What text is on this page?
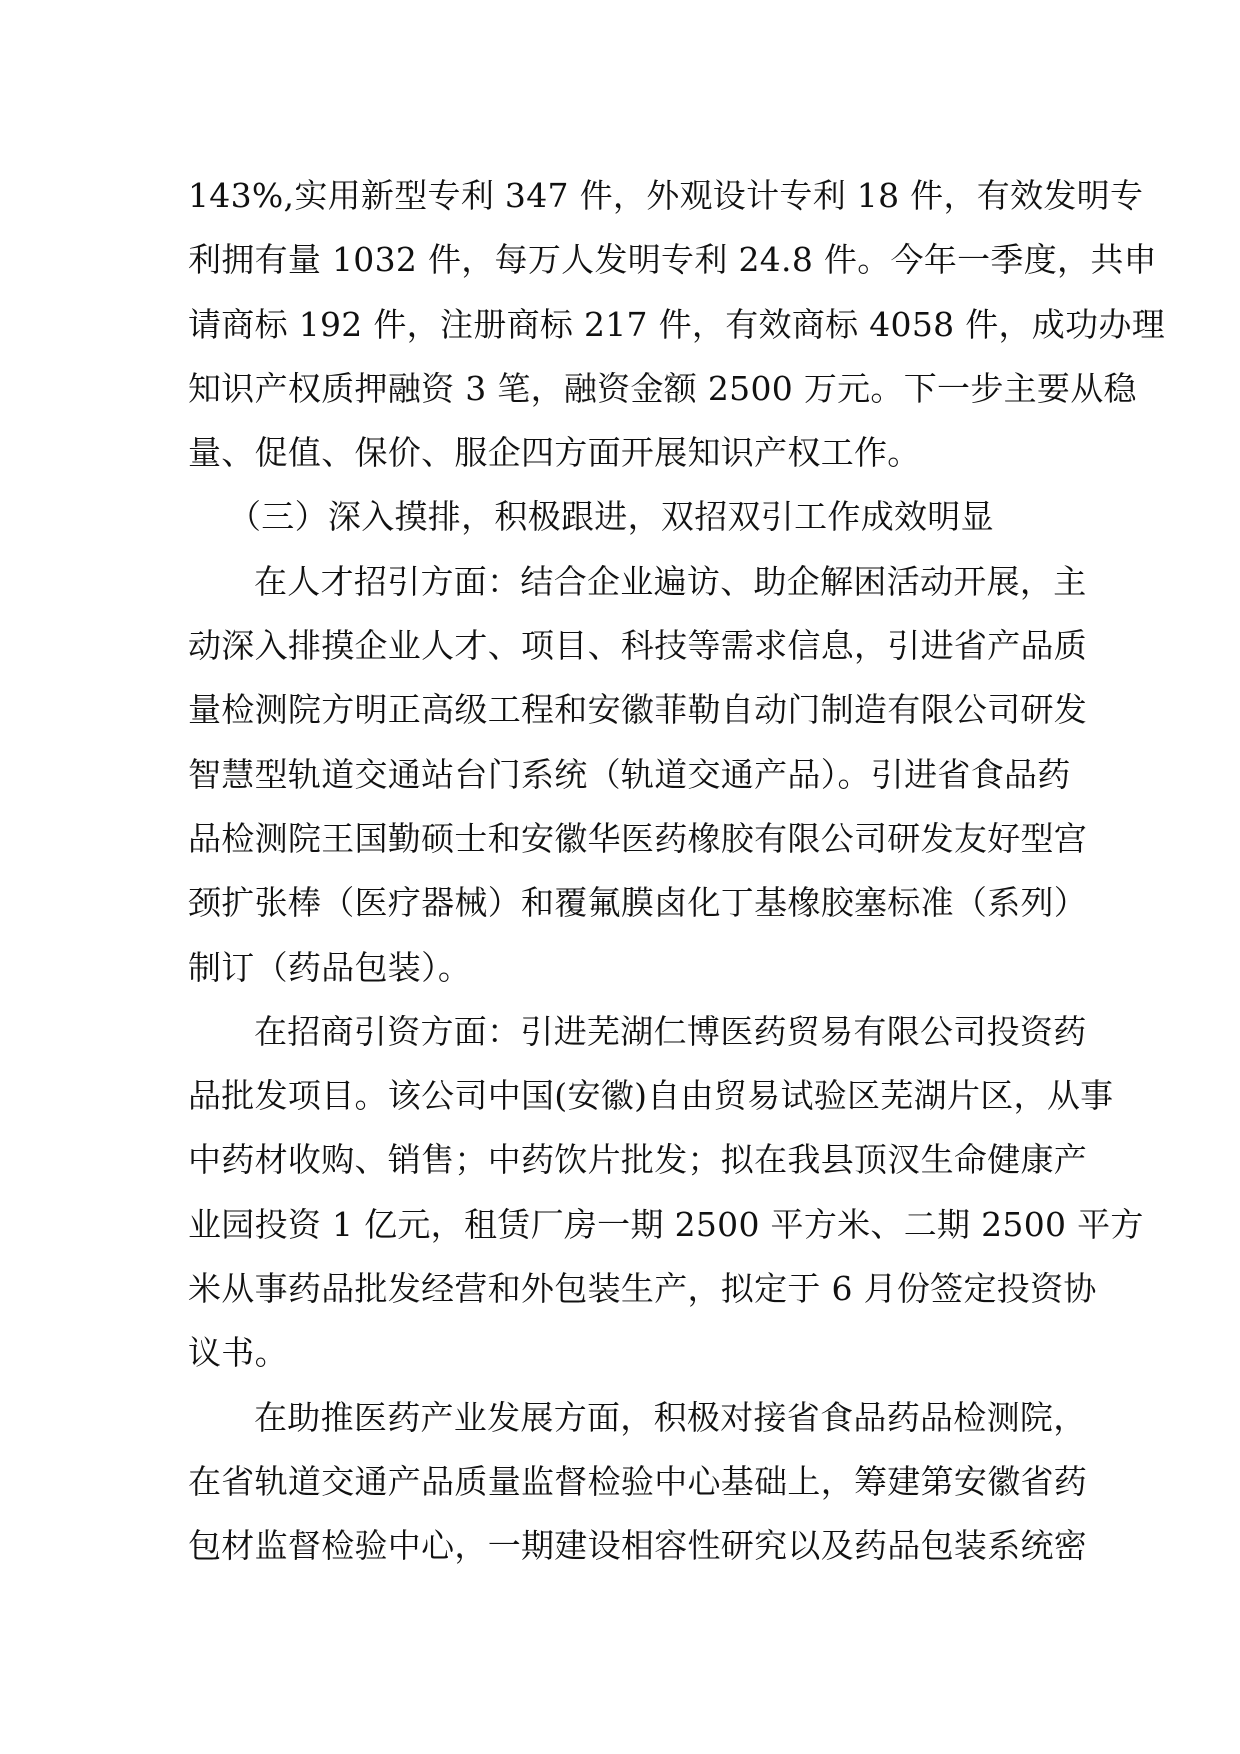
143%,实用新型专利 347 件，外观设计专利 18 件，有效发明专
利拥有量 1032 件，每万人发明专利 24.8 件。今年一季度，共申
请商标 192 件，注册商标 217 件，有效商标 4058 件，成功办理
知识产权质押融资 3 笔，融资金额 2500 万元。下一步主要从稳
量、促值、保价、服企四方面开展知识产权工作。

（三）深入摸排，积极跟进，双招双引工作成效明显

在人才招引方面：结合企业遍访、助企解困活动开展，主
动深入排摸企业人才、项目、科技等需求信息，引进省产品质
量检测院方明正高级工程和安徽菲勒自动门制造有限公司研发
智慧型轨道交通站台门系统（轨道交通产品）。引进省食品药
品检测院王国勤硕士和安徽华医药橡胶有限公司研发友好型宫
颈扩张棒（医疗器械）和覆氟膜卤化丁基橡胶塞标准（系列）
制订（药品包装）。

在招商引资方面：引进芜湖仁博医药贸易有限公司投资药
品批发项目。该公司中国(安徽)自由贸易试验区芜湖片区，从事
中药材收购、销售；中药饮片批发；拟在我县顶汊生命健康产
业园投资 1 亿元，租赁厂房一期 2500 平方米、二期 2500 平方
米从事药品批发经营和外包装生产，拟定于 6 月份签定投资协
议书。

在助推医药产业发展方面，积极对接省食品药品检测院，
在省轨道交通产品质量监督检验中心基础上，筹建第安徽省药
包材监督检验中心，一期建设相容性研究以及药品包装系统密
